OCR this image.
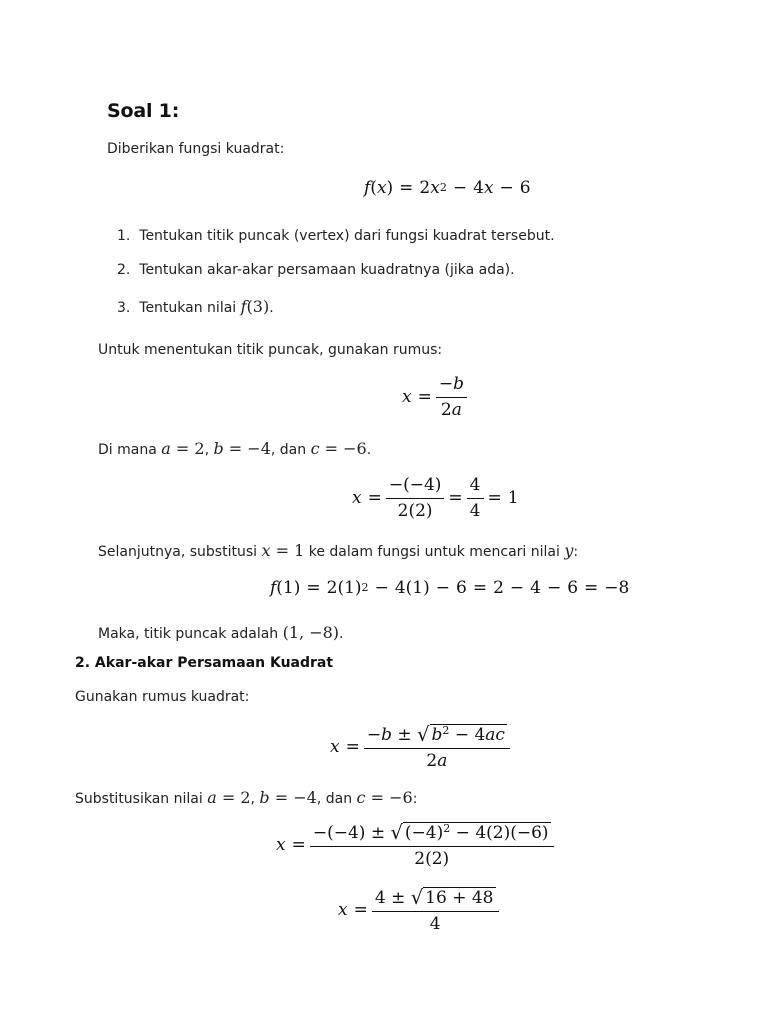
Soal 1:
Diberikan fungsi kuadrat:
f ( x ) = 2 x 2 − 4 x − 6
1. Tentukan titik puncak (vertex) dari fungsi kuadrat tersebut.
2. Tentukan akar-akar persamaan kuadratnya (jika ada).
3. Tentukan nilai f(3).
Untuk menentukan titik puncak, gunakan rumus:
$x = \frac{- b}{2a}$
Di mana a = 2, b = −4, dan c = −6.
$x = \frac{-(-4)}{2(2)} = \frac{4}{4} = 1$
Selanjutnya, substitusi x = 1 ke dalam fungsi untuk mencari nilai y:
f (1) = 2(1) 2 − 4(1) − 6 = 2 − 4 − 6 = −8
Maka, titik puncak adalah (1, −8).
2. Akar-akar Persamaan Kuadrat
Gunakan rumus kuadrat:
$x = \frac{- b \pm √ b^2 - 4ac}{2a}$
Substitusikan nilai a = 2, b = −4, dan c = −6:
$x = \frac{-(-4) \pm √ (-4)^2 - 4(2)(-6)}{2(2)}$
$x = \frac{4 \pm √ 16 + 48}{4}$
